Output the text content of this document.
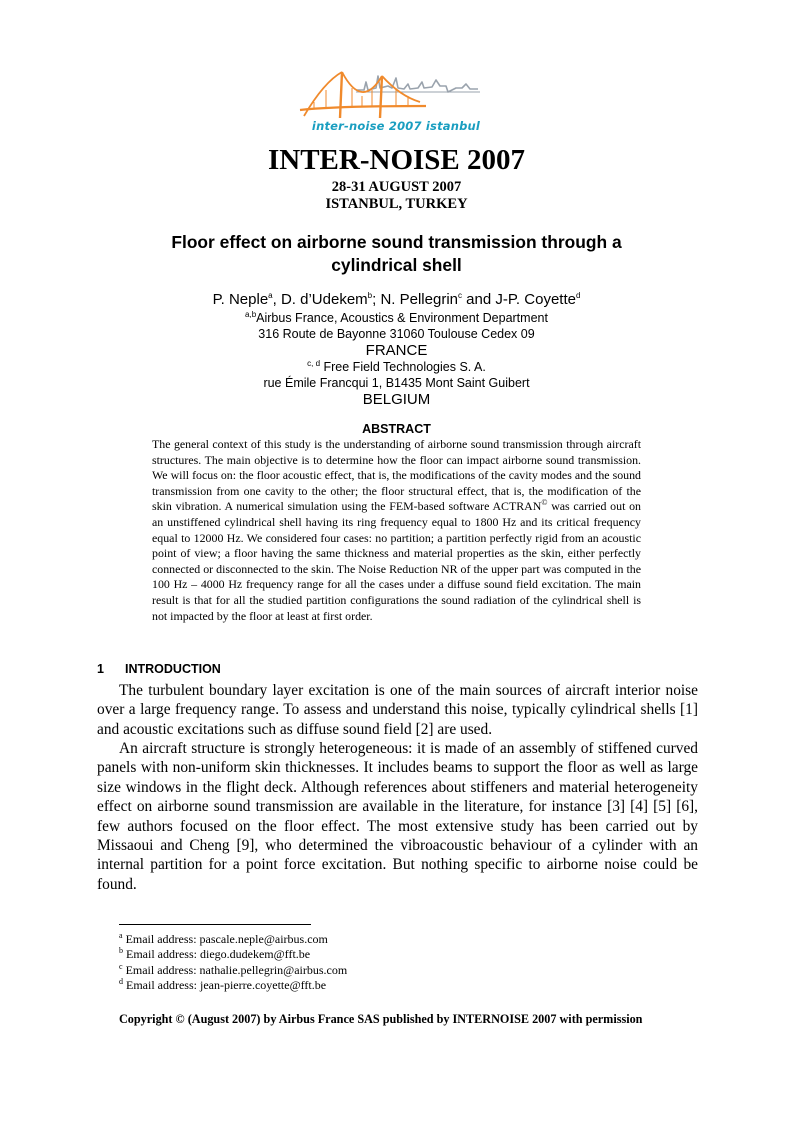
inter-noise 2007 istanbul
INTER-NOISE 2007
28-31 AUGUST 2007
ISTANBUL, TURKEY
Floor effect on airborne sound transmission through a
cylindrical shell
P. Neple$^a$, D. d’Udekem$^b$; N. Pellegrin$^c$ and J-P. Coyette$^d$
$^{a,b}$Airbus France, Acoustics & Environment Department
316 Route de Bayonne 31060 Toulouse Cedex 09
FRANCE
$^{c, d}$ Free Field Technologies S. A.
rue Émile Francqui 1, B1435 Mont Saint Guibert
BELGIUM
ABSTRACT

The general context of this study is the understanding of airborne sound transmission through aircraft structures. The main objective is to determine how the floor can impact airborne sound transmission. We will focus on: the floor acoustic effect, that is, the modifications of the cavity modes and the sound transmission from one cavity to the other; the floor structural effect, that is, the modification of the skin vibration. A numerical simulation using the FEM-based software ACTRAN© was carried out on an unstiffened cylindrical shell having its ring frequency equal to 1800 Hz and its critical frequency equal to 12000 Hz. We considered four cases: no partition; a partition perfectly rigid from an acoustic point of view; a floor having the same thickness and material properties as the skin, either perfectly connected or disconnected to the skin. The Noise Reduction NR of the upper part was computed in the 100 Hz – 4000 Hz frequency range for all the cases under a diffuse sound field excitation. The main result is that for all the studied partition configurations the sound radiation of the cylindrical shell is not impacted by the floor at least at first order.

1 INTRODUCTION

The turbulent boundary layer excitation is one of the main sources of aircraft interior noise over a large frequency range. To assess and understand this noise, typically cylindrical shells [1] and acoustic excitations such as diffuse sound field [2] are used.

An aircraft structure is strongly heterogeneous: it is made of an assembly of stiffened curved panels with non-uniform skin thicknesses. It includes beams to support the floor as well as large size windows in the flight deck. Although references about stiffeners and material heterogeneity effect on airborne sound transmission are available in the literature, for instance [3] [4] [5] [6], few authors focused on the floor effect. The most extensive study has been carried out by Missaoui and Cheng [9], who determined the vibroacoustic behaviour of a cylinder with an internal partition for a point force excitation. But nothing specific to airborne noise could be found.

$^a$ Email address: pascale.neple@airbus.com
$^b$ Email address: diego.dudekem@fft.be
$^c$ Email address: nathalie.pellegrin@airbus.com
$^d$ Email address: jean-pierre.coyette@fft.be
Copyright © (August 2007) by Airbus France SAS published by INTERNOISE 2007 with permission
